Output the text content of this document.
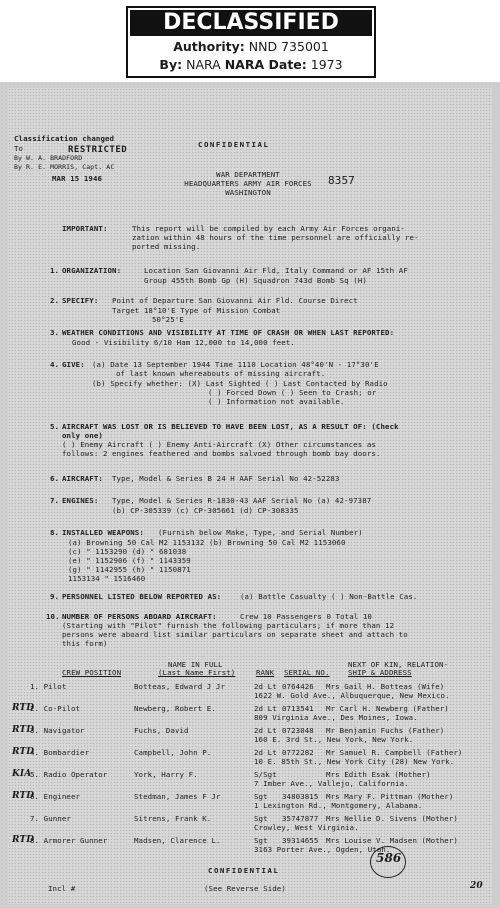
DECLASSIFIED
Authority: NND 735001
By: NARA NARA Date: 1973
Classification changed
To	RESTRICTED
By W. A. BRADFORD
By R. E. MORRIS, Capt. AC
MAR 15 1946
CONFIDENTIAL
WAR DEPARTMENT
HEADQUARTERS ARMY AIR FORCES
WASHINGTON
8357
IMPORTANT:	This report will be compiled by each Army Air Forces organi-
zation within 48 hours of the time personnel are officially re-
ported missing.
1. ORGANIZATION:	Location San Giovanni Air Fld, Italy Command or AF 15th AF
Group 455th Bomb Gp (H) Squadron 743d Bomb Sq (H)
2. SPECIFY: Point of Departure San Giovanni Air Fld. Course Direct
Target 18°10'E Type of Mission Combat
50°25'E
3. WEATHER CONDITIONS AND VISIBILITY AT TIME OF CRASH OR WHEN LAST REPORTED:
Good - Visibility 6/10 Ham 12,000 to 14,000 feet.
4. GIVE: (a) Date 13 September 1944 Time 1110 Location 48°40'N - 17°30'E
of last known whereabouts of missing aircraft.
(b) Specify whether: (X) Last Sighted ( ) Last Contacted by Radio
( ) Forced Down ( ) Seen to Crash; or
( ) Information not available.
5. AIRCRAFT WAS LOST OR IS BELIEVED TO HAVE BEEN LOST, AS A RESULT OF: (Check
only one)
( ) Enemy Aircraft ( ) Enemy Anti-Aircraft (X) Other circumstances as
follows: 2 engines feathered and bombs salvoed through bomb bay doors.
6. AIRCRAFT: Type, Model & Series B 24 H AAF Serial No 42-52283
7. ENGINES: Type, Model & Series R-1830-43 AAF Serial No (a) 42-97387
(b) CP-305339 (c) CP-305661 (d) CP-308335
8. INSTALLED WEAPONS: (Furnish below Make, Type, and Serial Number)
(a) Browning 50 Cal M2 1153132 (b) Browning 50 Cal M2 1153060
(c) " 1153290 (d) " 681038
(e) " 1152906 (f) " 1143359
(g) " 1142955 (h) " 1150871
1153134 " 1516460
9. PERSONNEL LISTED BELOW REPORTED AS:	(a) Battle Casualty ( ) Non-Battle Cas.
10. NUMBER OF PERSONS ABOARD AIRCRAFT:	Crew 10 Passengers 0 Total 10
(Starting with "Pilot" furnish the following particulars; if more than 12
persons were aboard list similar particulars on separate sheet and attach to
this form)
CREW POSITION
NAME IN FULL
(Last Name First)	RANK SERIAL NO.
NEXT OF KIN, RELATION-
SHIP & ADDRESS
1. Pilot	Botteas, Edward J Jr	2d Lt 0764426 Mrs Gail H. Botteas (Wife)
1622 W. Gold Ave., Albuquerque, New Mexico.
RTD
2. Co-Pilot	Newberg, Robert E.	2d Lt 0713541 Mr Carl H. Newberg (Father)
809 Virginia Ave., Des Moines, Iowa.
RTD
3. Navigator	Fuchs, David	2d Lt 0723048 Mr Benjamin Fuchs (Father)
160 E. 3rd St., New York, New York.
RTD
4. Bombardier	Campbell, John P.	2d Lt 0772282 Mr Samuel R. Campbell (Father)
10 E. 85th St., New York City (28) New York.
KIA
5. Radio Operator	York, Harry F.	S/Sgt	Mrs Edith Esak (Mother)
7 Imber Ave., Vallejo, California.
RTD
6. Engineer	Stedman, James F Jr	Sgt 34803815 Mrs Mary F. Pittman (Mother)
1 Lexington Rd., Montgomery, Alabama.
7. Gunner	Sitrens, Frank K.	Sgt 35747877 Mrs Nellie D. Sivens (Mother)
Crowley, West Virginia.
RTD
8. Armorer Gunner	Madsen, Clarence L.	Sgt 39314655 Mrs Louise V. Madsen (Mother)
3163 Porter Ave., Ogden, Utah.
CONFIDENTIAL
(See Reverse Side)
Incl #
586
20
